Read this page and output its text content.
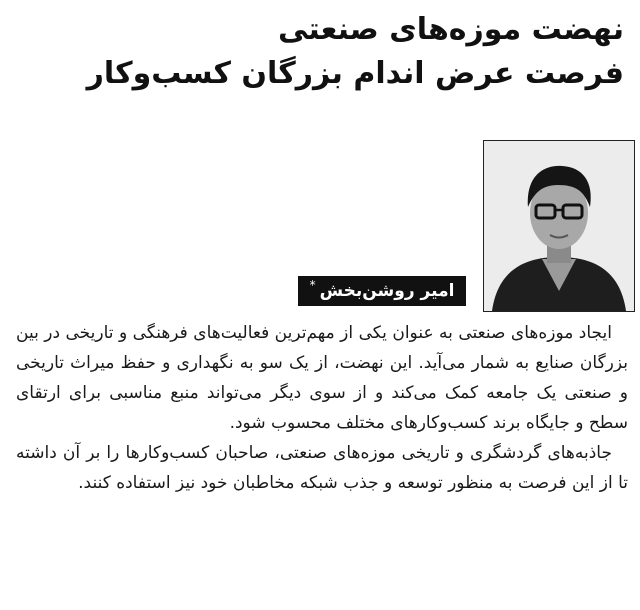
نهضت موزه‌های صنعتی
فرصت عرض اندام بزرگان کسب‌وکار
امیر روشن‌بخش
*

ایجاد موزه‌های صنعتی به عنوان یکی از مهم‌ترین فعالیت‌های فرهنگی و تاریخی در بین بزرگان صنایع به شمار می‌آید. این نهضت، از یک سو به نگهداری و حفظ میراث تاریخی و صنعتی یک جامعه کمک می‌کند و از سوی دیگر می‌تواند منبع مناسبی برای ارتقای سطح و جایگاه برند کسب‌وکارهای مختلف محسوب شود.

جاذبه‌های گردشگری و تاریخی موزه‌های صنعتی، صاحبان کسب‌وکارها را بر آن داشته تا از این فرصت به منظور توسعه و جذب شبکه مخاطبان خود نیز استفاده کنند.
